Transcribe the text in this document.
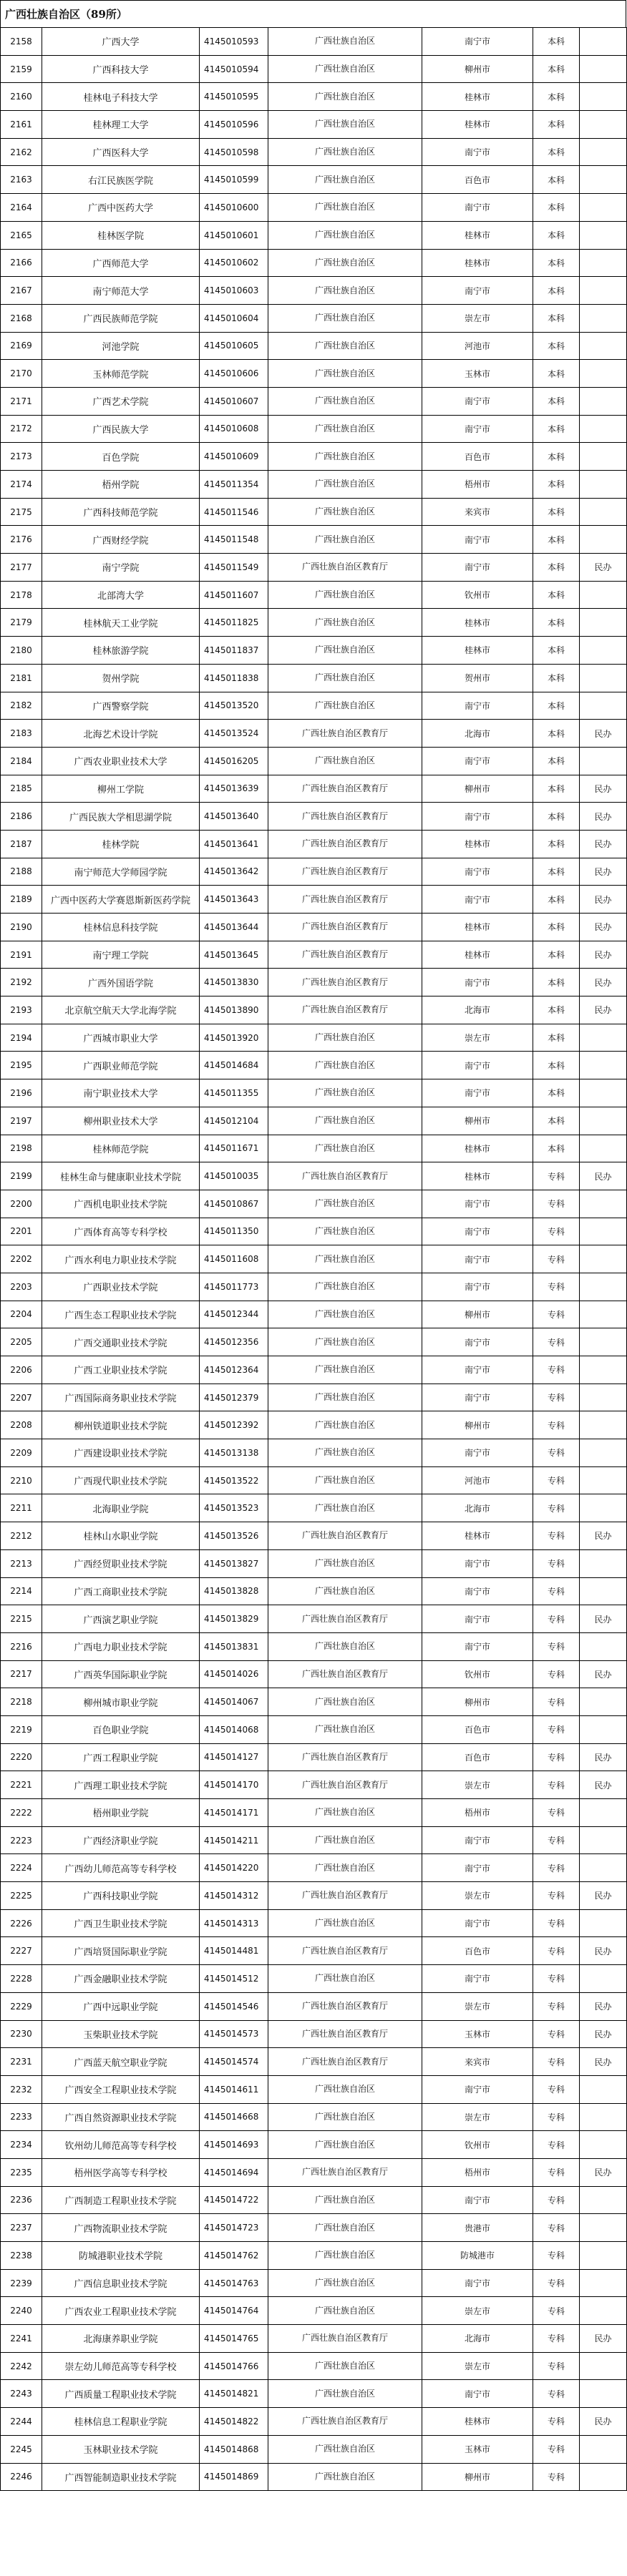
广西壮族自治区（89所）
2158	广西大学	4145010593	广西壮族自治区	南宁市	本科	
2159	广西科技大学	4145010594	广西壮族自治区	柳州市	本科	
2160	桂林电子科技大学	4145010595	广西壮族自治区	桂林市	本科	
2161	桂林理工大学	4145010596	广西壮族自治区	桂林市	本科	
2162	广西医科大学	4145010598	广西壮族自治区	南宁市	本科	
2163	右江民族医学院	4145010599	广西壮族自治区	百色市	本科	
2164	广西中医药大学	4145010600	广西壮族自治区	南宁市	本科	
2165	桂林医学院	4145010601	广西壮族自治区	桂林市	本科	
2166	广西师范大学	4145010602	广西壮族自治区	桂林市	本科	
2167	南宁师范大学	4145010603	广西壮族自治区	南宁市	本科	
2168	广西民族师范学院	4145010604	广西壮族自治区	崇左市	本科	
2169	河池学院	4145010605	广西壮族自治区	河池市	本科	
2170	玉林师范学院	4145010606	广西壮族自治区	玉林市	本科	
2171	广西艺术学院	4145010607	广西壮族自治区	南宁市	本科	
2172	广西民族大学	4145010608	广西壮族自治区	南宁市	本科	
2173	百色学院	4145010609	广西壮族自治区	百色市	本科	
2174	梧州学院	4145011354	广西壮族自治区	梧州市	本科	
2175	广西科技师范学院	4145011546	广西壮族自治区	来宾市	本科	
2176	广西财经学院	4145011548	广西壮族自治区	南宁市	本科	
2177	南宁学院	4145011549	广西壮族自治区教育厅	南宁市	本科	民办
2178	北部湾大学	4145011607	广西壮族自治区	钦州市	本科	
2179	桂林航天工业学院	4145011825	广西壮族自治区	桂林市	本科	
2180	桂林旅游学院	4145011837	广西壮族自治区	桂林市	本科	
2181	贺州学院	4145011838	广西壮族自治区	贺州市	本科	
2182	广西警察学院	4145013520	广西壮族自治区	南宁市	本科	
2183	北海艺术设计学院	4145013524	广西壮族自治区教育厅	北海市	本科	民办
2184	广西农业职业技术大学	4145016205	广西壮族自治区	南宁市	本科	
2185	柳州工学院	4145013639	广西壮族自治区教育厅	柳州市	本科	民办
2186	广西民族大学相思湖学院	4145013640	广西壮族自治区教育厅	南宁市	本科	民办
2187	桂林学院	4145013641	广西壮族自治区教育厅	桂林市	本科	民办
2188	南宁师范大学师园学院	4145013642	广西壮族自治区教育厅	南宁市	本科	民办
2189	广西中医药大学赛恩斯新医药学院	4145013643	广西壮族自治区教育厅	南宁市	本科	民办
2190	桂林信息科技学院	4145013644	广西壮族自治区教育厅	桂林市	本科	民办
2191	南宁理工学院	4145013645	广西壮族自治区教育厅	桂林市	本科	民办
2192	广西外国语学院	4145013830	广西壮族自治区教育厅	南宁市	本科	民办
2193	北京航空航天大学北海学院	4145013890	广西壮族自治区教育厅	北海市	本科	民办
2194	广西城市职业大学	4145013920	广西壮族自治区	崇左市	本科	
2195	广西职业师范学院	4145014684	广西壮族自治区	南宁市	本科	
2196	南宁职业技术大学	4145011355	广西壮族自治区	南宁市	本科	
2197	柳州职业技术大学	4145012104	广西壮族自治区	柳州市	本科	
2198	桂林师范学院	4145011671	广西壮族自治区	桂林市	本科	
2199	桂林生命与健康职业技术学院	4145010035	广西壮族自治区教育厅	桂林市	专科	民办
2200	广西机电职业技术学院	4145010867	广西壮族自治区	南宁市	专科	
2201	广西体育高等专科学校	4145011350	广西壮族自治区	南宁市	专科	
2202	广西水利电力职业技术学院	4145011608	广西壮族自治区	南宁市	专科	
2203	广西职业技术学院	4145011773	广西壮族自治区	南宁市	专科	
2204	广西生态工程职业技术学院	4145012344	广西壮族自治区	柳州市	专科	
2205	广西交通职业技术学院	4145012356	广西壮族自治区	南宁市	专科	
2206	广西工业职业技术学院	4145012364	广西壮族自治区	南宁市	专科	
2207	广西国际商务职业技术学院	4145012379	广西壮族自治区	南宁市	专科	
2208	柳州铁道职业技术学院	4145012392	广西壮族自治区	柳州市	专科	
2209	广西建设职业技术学院	4145013138	广西壮族自治区	南宁市	专科	
2210	广西现代职业技术学院	4145013522	广西壮族自治区	河池市	专科	
2211	北海职业学院	4145013523	广西壮族自治区	北海市	专科	
2212	桂林山水职业学院	4145013526	广西壮族自治区教育厅	桂林市	专科	民办
2213	广西经贸职业技术学院	4145013827	广西壮族自治区	南宁市	专科	
2214	广西工商职业技术学院	4145013828	广西壮族自治区	南宁市	专科	
2215	广西演艺职业学院	4145013829	广西壮族自治区教育厅	南宁市	专科	民办
2216	广西电力职业技术学院	4145013831	广西壮族自治区	南宁市	专科	
2217	广西英华国际职业学院	4145014026	广西壮族自治区教育厅	钦州市	专科	民办
2218	柳州城市职业学院	4145014067	广西壮族自治区	柳州市	专科	
2219	百色职业学院	4145014068	广西壮族自治区	百色市	专科	
2220	广西工程职业学院	4145014127	广西壮族自治区教育厅	百色市	专科	民办
2221	广西理工职业技术学院	4145014170	广西壮族自治区教育厅	崇左市	专科	民办
2222	梧州职业学院	4145014171	广西壮族自治区	梧州市	专科	
2223	广西经济职业学院	4145014211	广西壮族自治区	南宁市	专科	
2224	广西幼儿师范高等专科学校	4145014220	广西壮族自治区	南宁市	专科	
2225	广西科技职业学院	4145014312	广西壮族自治区教育厅	崇左市	专科	民办
2226	广西卫生职业技术学院	4145014313	广西壮族自治区	南宁市	专科	
2227	广西培贤国际职业学院	4145014481	广西壮族自治区教育厅	百色市	专科	民办
2228	广西金融职业技术学院	4145014512	广西壮族自治区	南宁市	专科	
2229	广西中远职业学院	4145014546	广西壮族自治区教育厅	崇左市	专科	民办
2230	玉柴职业技术学院	4145014573	广西壮族自治区教育厅	玉林市	专科	民办
2231	广西蓝天航空职业学院	4145014574	广西壮族自治区教育厅	来宾市	专科	民办
2232	广西安全工程职业技术学院	4145014611	广西壮族自治区	南宁市	专科	
2233	广西自然资源职业技术学院	4145014668	广西壮族自治区	崇左市	专科	
2234	钦州幼儿师范高等专科学校	4145014693	广西壮族自治区	钦州市	专科	
2235	梧州医学高等专科学校	4145014694	广西壮族自治区教育厅	梧州市	专科	民办
2236	广西制造工程职业技术学院	4145014722	广西壮族自治区	南宁市	专科	
2237	广西物流职业技术学院	4145014723	广西壮族自治区	贵港市	专科	
2238	防城港职业技术学院	4145014762	广西壮族自治区	防城港市	专科	
2239	广西信息职业技术学院	4145014763	广西壮族自治区	南宁市	专科	
2240	广西农业工程职业技术学院	4145014764	广西壮族自治区	崇左市	专科	
2241	北海康养职业学院	4145014765	广西壮族自治区教育厅	北海市	专科	民办
2242	崇左幼儿师范高等专科学校	4145014766	广西壮族自治区	崇左市	专科	
2243	广西质量工程职业技术学院	4145014821	广西壮族自治区	南宁市	专科	
2244	桂林信息工程职业学院	4145014822	广西壮族自治区教育厅	桂林市	专科	民办
2245	玉林职业技术学院	4145014868	广西壮族自治区	玉林市	专科	
2246	广西智能制造职业技术学院	4145014869	广西壮族自治区	柳州市	专科	
